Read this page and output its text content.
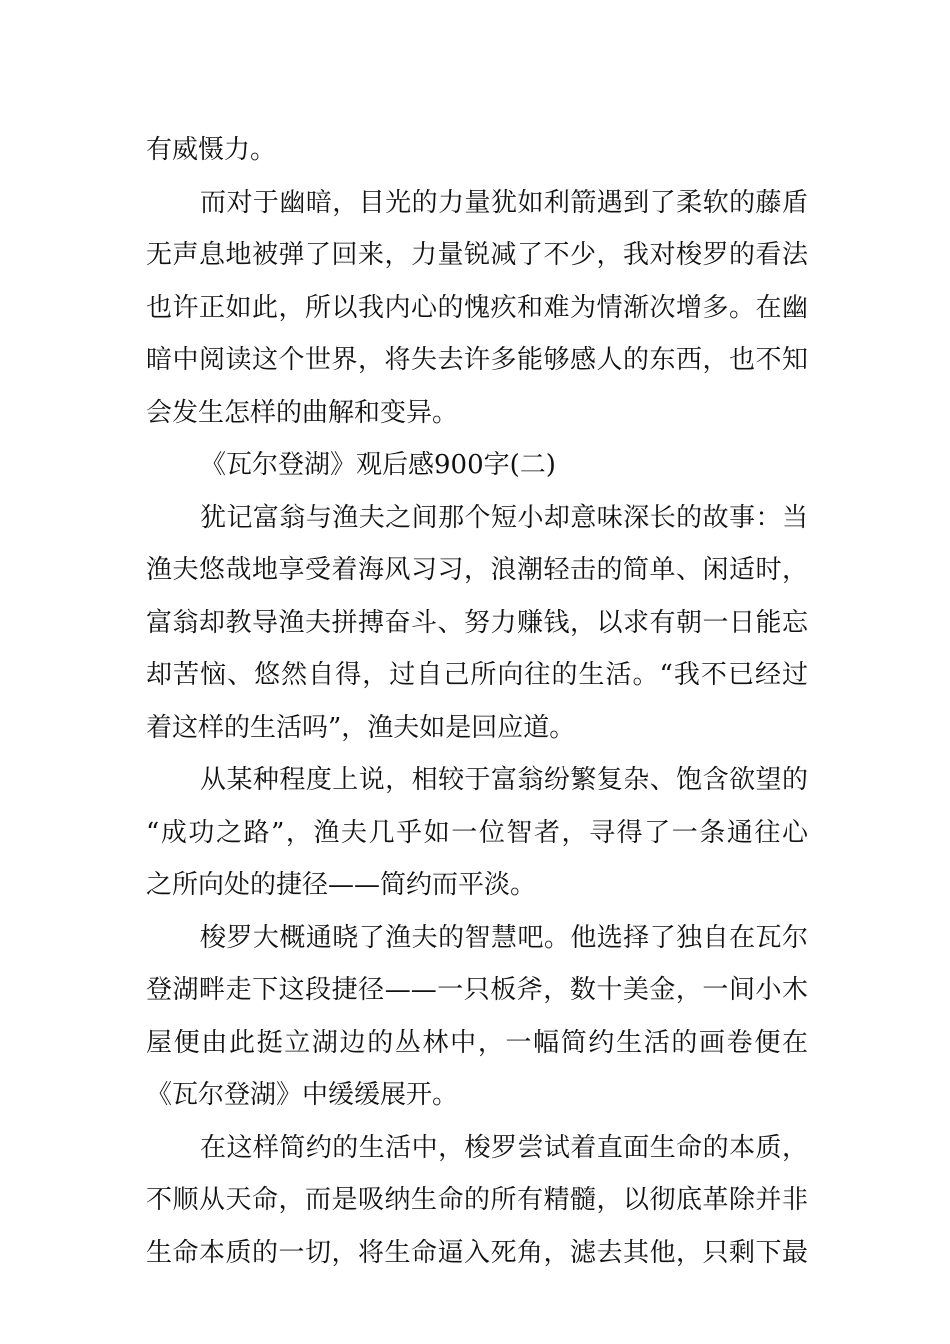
有威慑力。
而对于幽暗，目光的力量犹如利箭遇到了柔软的藤盾
无声息地被弹了回来，力量锐减了不少，我对梭罗的看法
也许正如此，所以我内心的愧疚和难为情渐次增多。在幽
暗中阅读这个世界，将失去许多能够感人的东西，也不知
会发生怎样的曲解和变异。
《瓦尔登湖》观后感900字(二)
犹记富翁与渔夫之间那个短小却意味深长的故事：当
渔夫悠哉地享受着海风习习，浪潮轻击的简单、闲适时，
富翁却教导渔夫拼搏奋斗、努力赚钱，以求有朝一日能忘
却苦恼、悠然自得，过自己所向往的生活。“我不已经过
着这样的生活吗”，渔夫如是回应道。
从某种程度上说，相较于富翁纷繁复杂、饱含欲望的
“成功之路”，渔夫几乎如一位智者，寻得了一条通往心
之所向处的捷径——简约而平淡。
梭罗大概通晓了渔夫的智慧吧。他选择了独自在瓦尔
登湖畔走下这段捷径——一只板斧，数十美金，一间小木
屋便由此挺立湖边的丛林中，一幅简约生活的画卷便在
《瓦尔登湖》中缓缓展开。
在这样简约的生活中，梭罗尝试着直面生命的本质，
不顺从天命，而是吸纳生命的所有精髓，以彻底革除并非
生命本质的一切，将生命逼入死角，滤去其他，只剩下最
